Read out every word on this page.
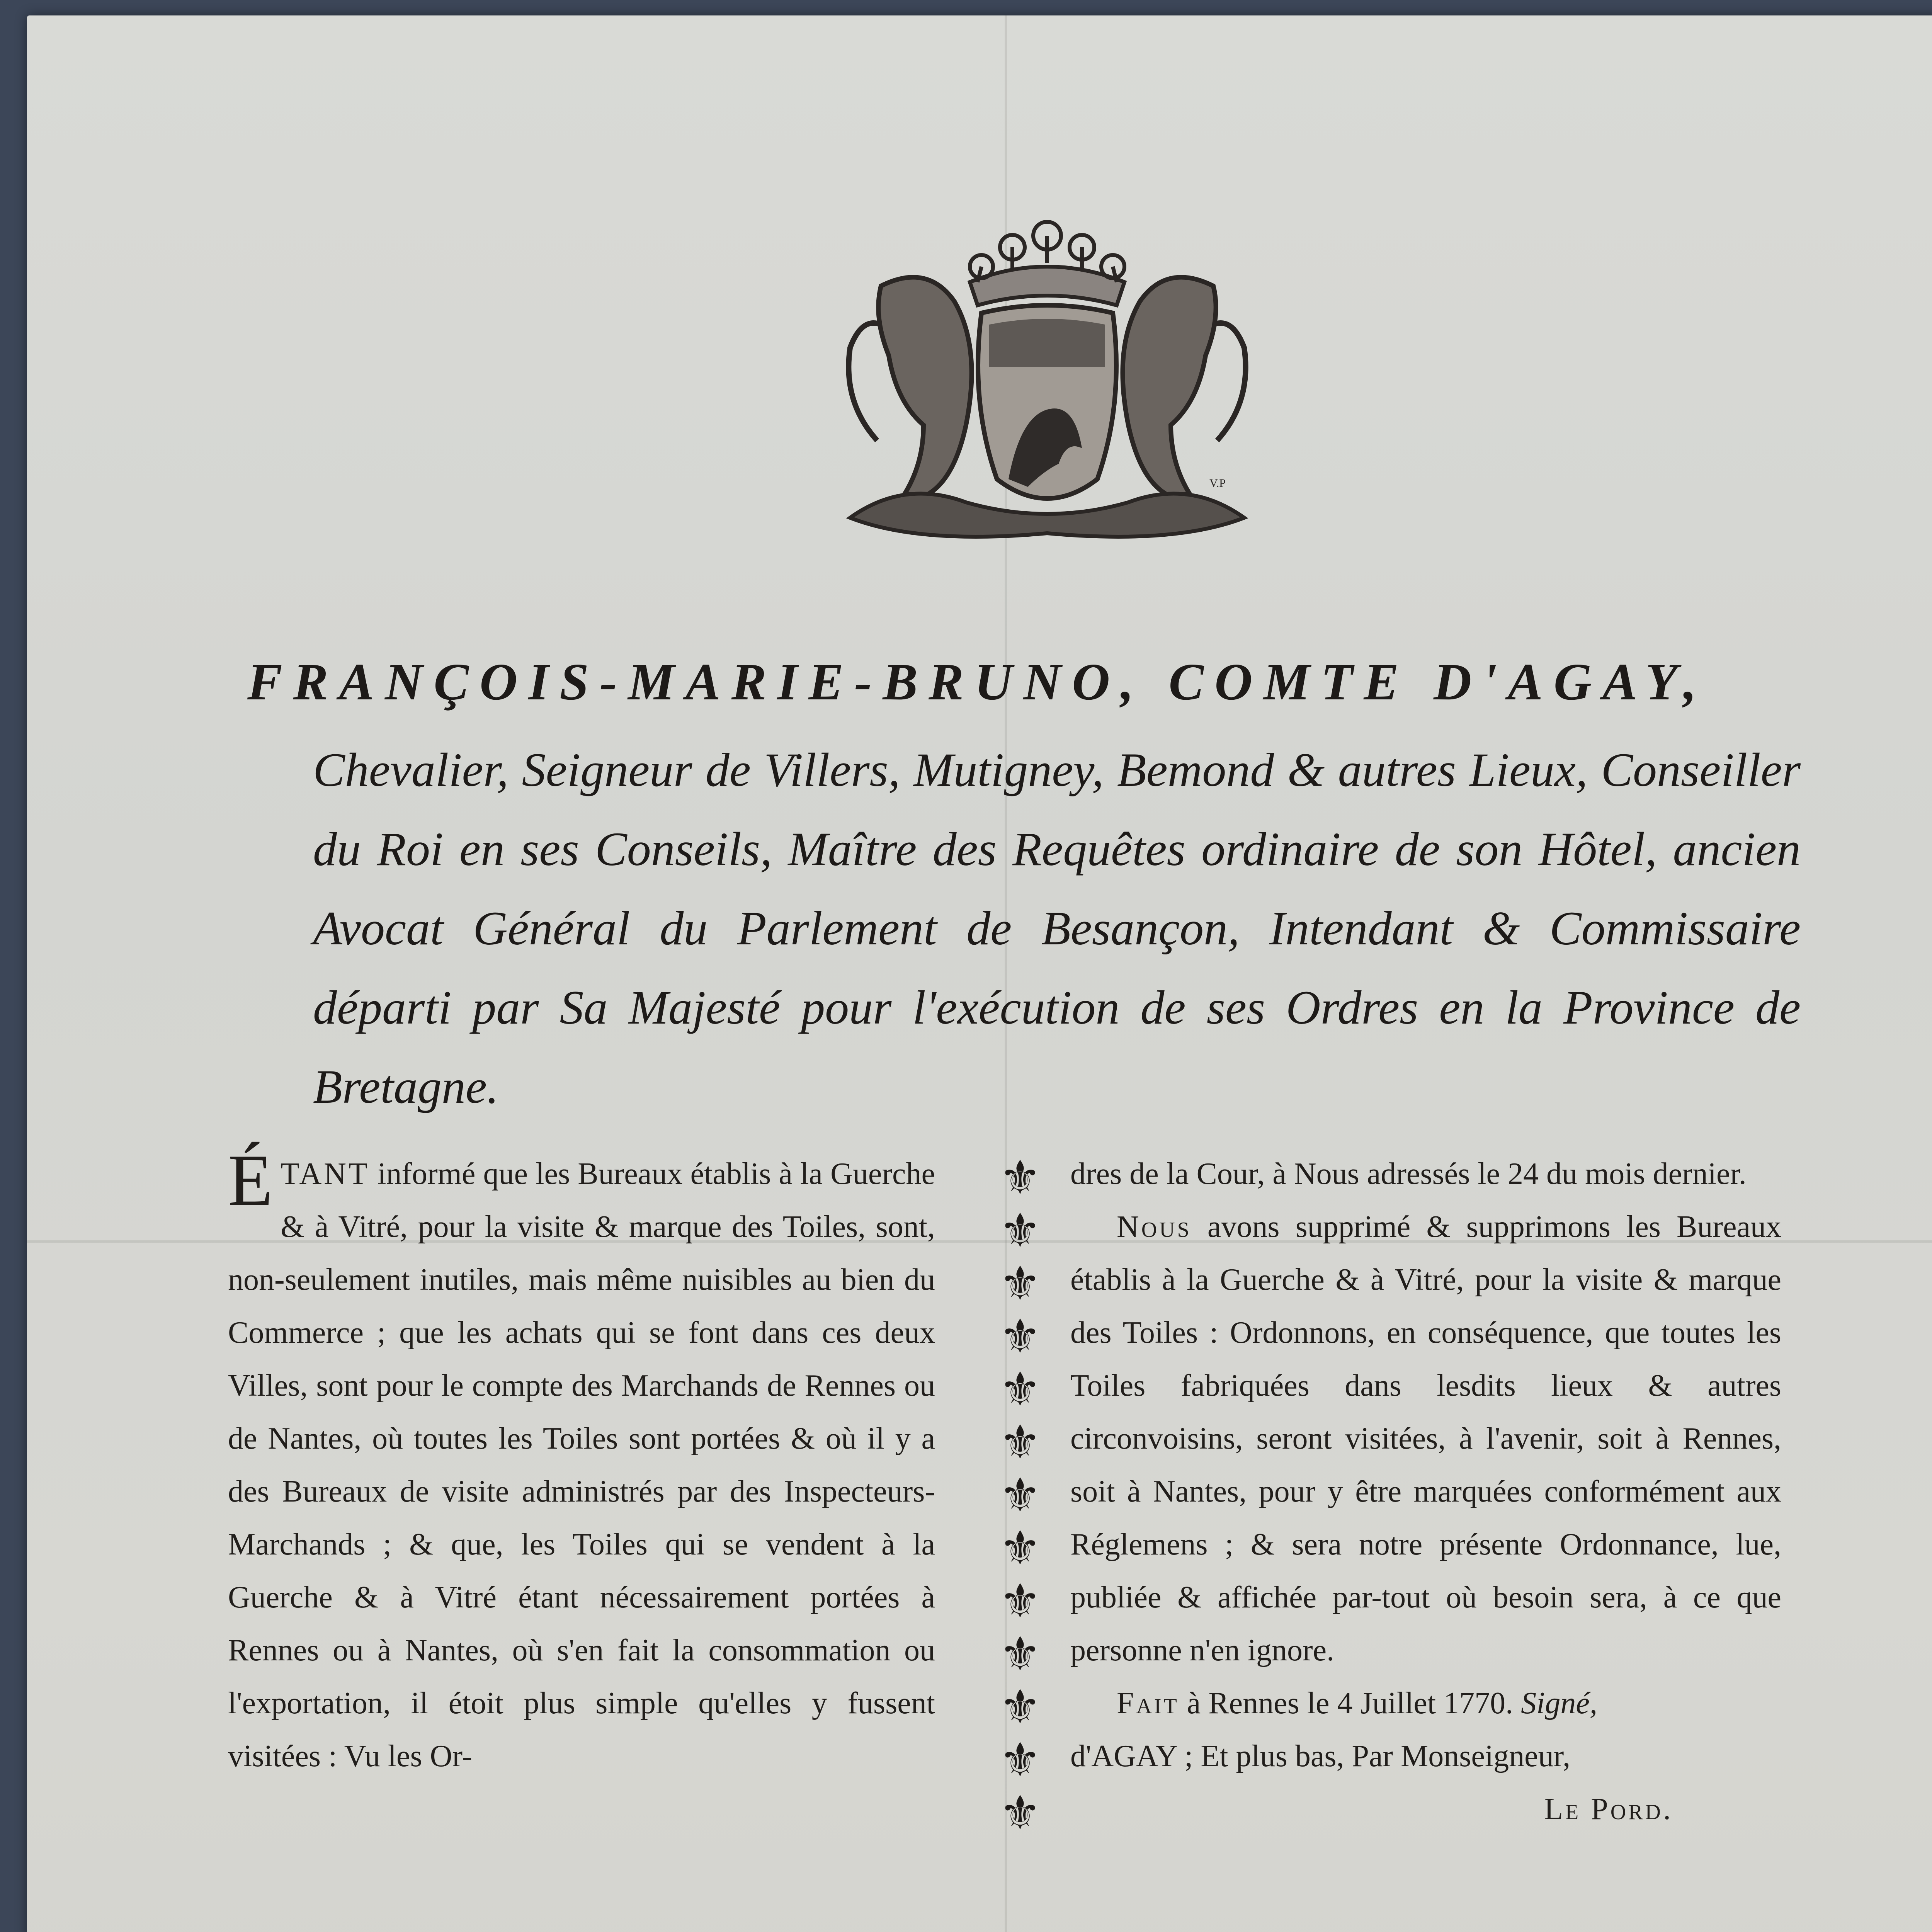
V.P

FRANÇOIS-MARIE-BRUNO, COMTE D'AGAY,

Chevalier, Seigneur de Villers, Mutigney, Bemond & autres Lieux, Conseiller du Roi en ses Conseils, Maître des Requêtes ordinaire de son Hôtel, ancien Avocat Général du Parlement de Besançon, Intendant & Commissaire départi par Sa Majesté pour l'exécution de ses Ordres en la Province de Bretagne.

É TANT informé que les Bureaux établis à la Guerche & à Vitré, pour la visite & marque des Toiles, sont, non-seulement inutiles, mais même nuisibles au bien du Commerce ; que les achats qui se font dans ces deux Villes, sont pour le compte des Marchands de Rennes ou de Nantes, où toutes les Toiles sont portées & où il y a des Bureaux de visite administrés par des Inspecteurs-Marchands ; & que, les Toiles qui se vendent à la Guerche & à Vitré étant nécessairement portées à Rennes ou à Nantes, où s'en fait la consommation ou l'exportation, il étoit plus simple qu'elles y fussent visitées : Vu les Or-

⚜
⚜
⚜
⚜
⚜
⚜
⚜
⚜
⚜
⚜
⚜
⚜
⚜

dres de la Cour, à Nous adressés le 24 du mois dernier.

Nous avons supprimé & supprimons les Bureaux établis à la Guerche & à Vitré, pour la visite & marque des Toiles : Ordonnons, en conséquence, que toutes les Toiles fabriquées dans lesdits lieux & autres circonvoisins, seront visitées, à l'avenir, soit à Rennes, soit à Nantes, pour y être marquées conformément aux Réglemens ; & sera notre présente Ordonnance, lue, publiée & affichée par-tout où besoin sera, à ce que personne n'en ignore.

Fait à Rennes le 4 Juillet 1770. Signé,

d'AGAY ; Et plus bas, Par Monseigneur,

Le Pord.
